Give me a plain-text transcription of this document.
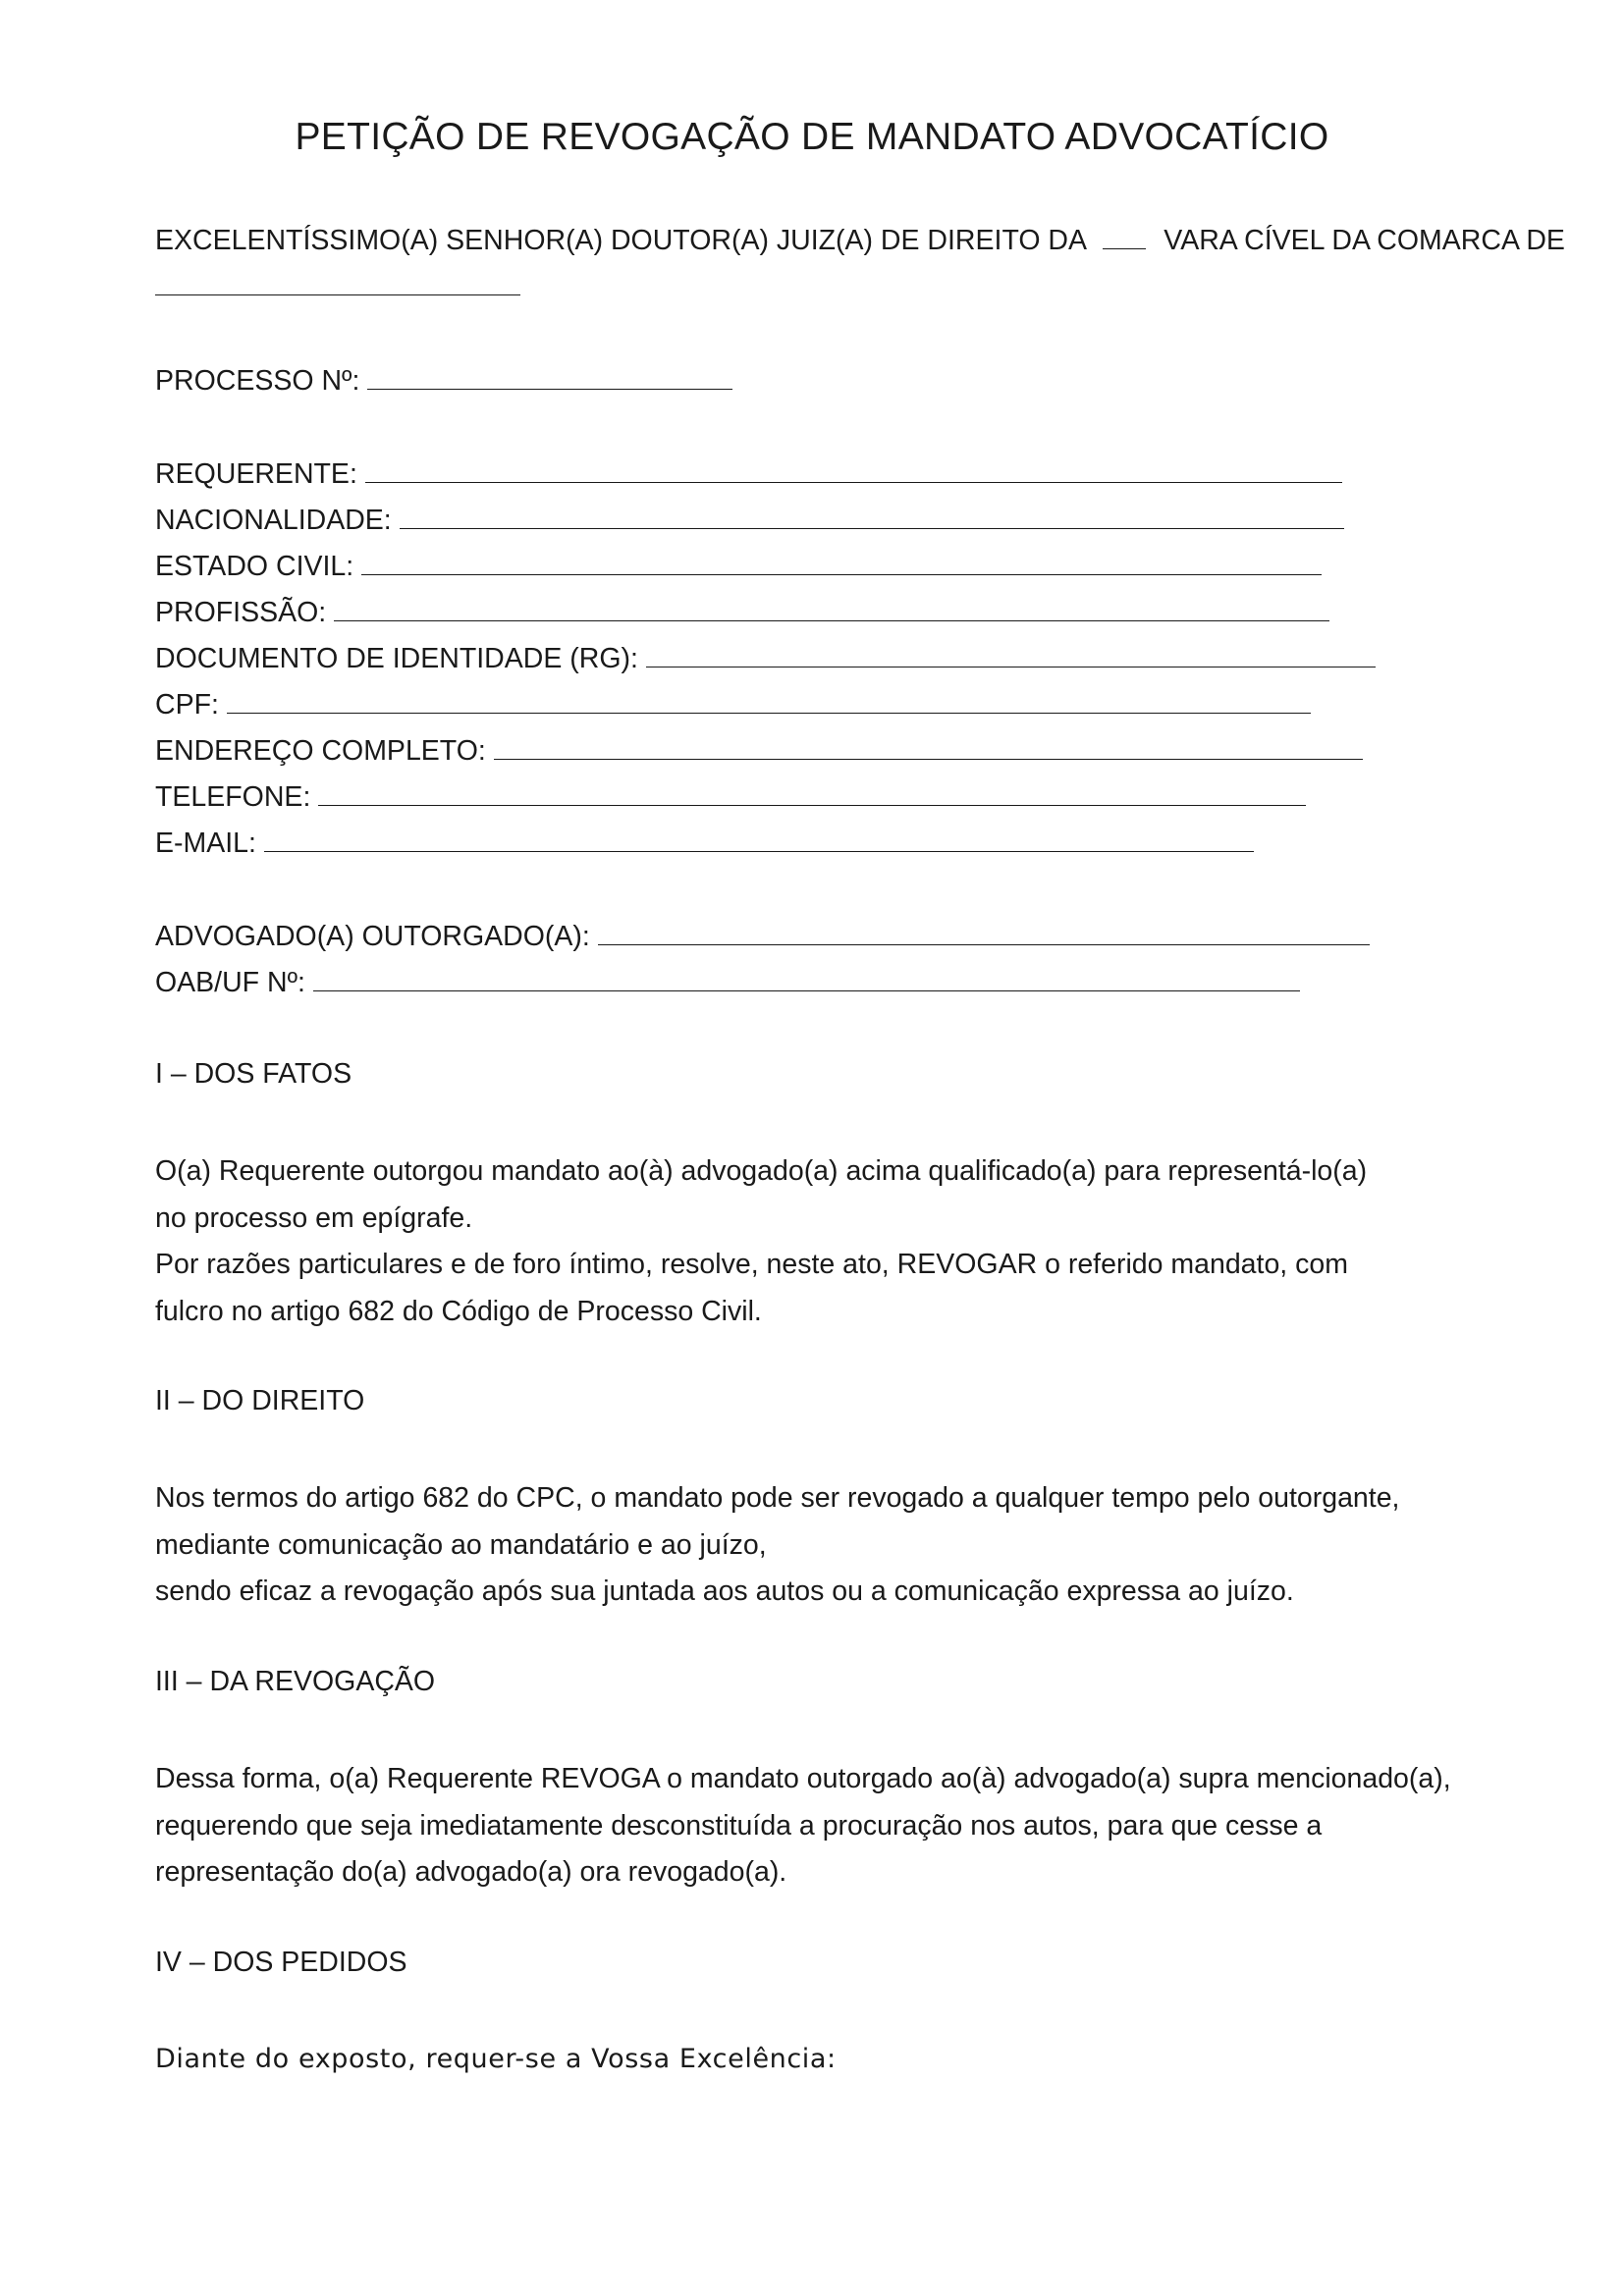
PETIÇÃO DE REVOGAÇÃO DE MANDATO ADVOCATÍCIO
EXCELENTÍSSIMO(A) SENHOR(A) DOUTOR(A) JUIZ(A) DE DIREITO DA	VARA CÍVEL DA COMARCA DE
PROCESSO Nº:
REQUERENTE:
NACIONALIDADE:
ESTADO CIVIL:
PROFISSÃO:
DOCUMENTO DE IDENTIDADE (RG):
CPF:
ENDEREÇO COMPLETO:
TELEFONE:
E-MAIL:
ADVOGADO(A) OUTORGADO(A):
OAB/UF Nº:
I – DOS FATOS
O(a) Requerente outorgou mandato ao(à) advogado(a) acima qualificado(a) para representá-lo(a)
no processo em epígrafe.
Por razões particulares e de foro íntimo, resolve, neste ato, REVOGAR o referido mandato, com
fulcro no artigo 682 do Código de Processo Civil.
II – DO DIREITO
Nos termos do artigo 682 do CPC, o mandato pode ser revogado a qualquer tempo pelo outorgante,
mediante comunicação ao mandatário e ao juízo,
sendo eficaz a revogação após sua juntada aos autos ou a comunicação expressa ao juízo.
III – DA REVOGAÇÃO
Dessa forma, o(a) Requerente REVOGA o mandato outorgado ao(à) advogado(a) supra mencionado(a),
requerendo que seja imediatamente desconstituída a procuração nos autos, para que cesse a
representação do(a) advogado(a) ora revogado(a).
IV – DOS PEDIDOS
Diante do exposto, requer-se a Vossa Excelência:
